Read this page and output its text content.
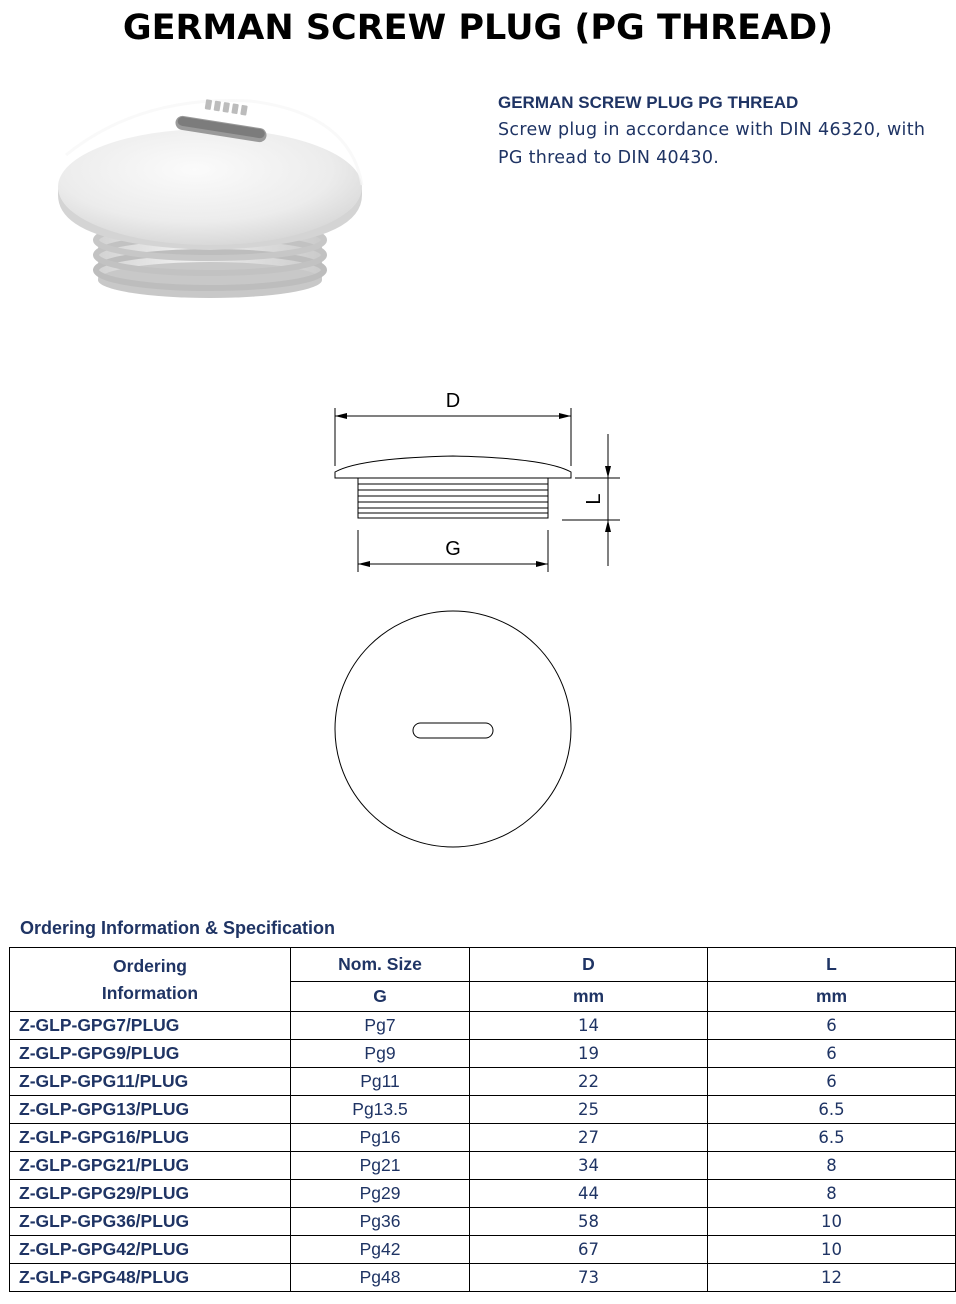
GERMAN SCREW PLUG (PG THREAD)
GERMAN SCREW PLUG PG THREAD
Screw plug in accordance with DIN 46320, with PG thread to DIN 40430.
D
G
L
Ordering Information & Specification
Ordering Information	Nom. Size	D	L
	G	mm	mm
Z-GLP-GPG7/PLUG	Pg7	14	6
Z-GLP-GPG9/PLUG	Pg9	19	6
Z-GLP-GPG11/PLUG	Pg11	22	6
Z-GLP-GPG13/PLUG	Pg13.5	25	6.5
Z-GLP-GPG16/PLUG	Pg16	27	6.5
Z-GLP-GPG21/PLUG	Pg21	34	8
Z-GLP-GPG29/PLUG	Pg29	44	8
Z-GLP-GPG36/PLUG	Pg36	58	10
Z-GLP-GPG42/PLUG	Pg42	67	10
Z-GLP-GPG48/PLUG	Pg48	73	12
